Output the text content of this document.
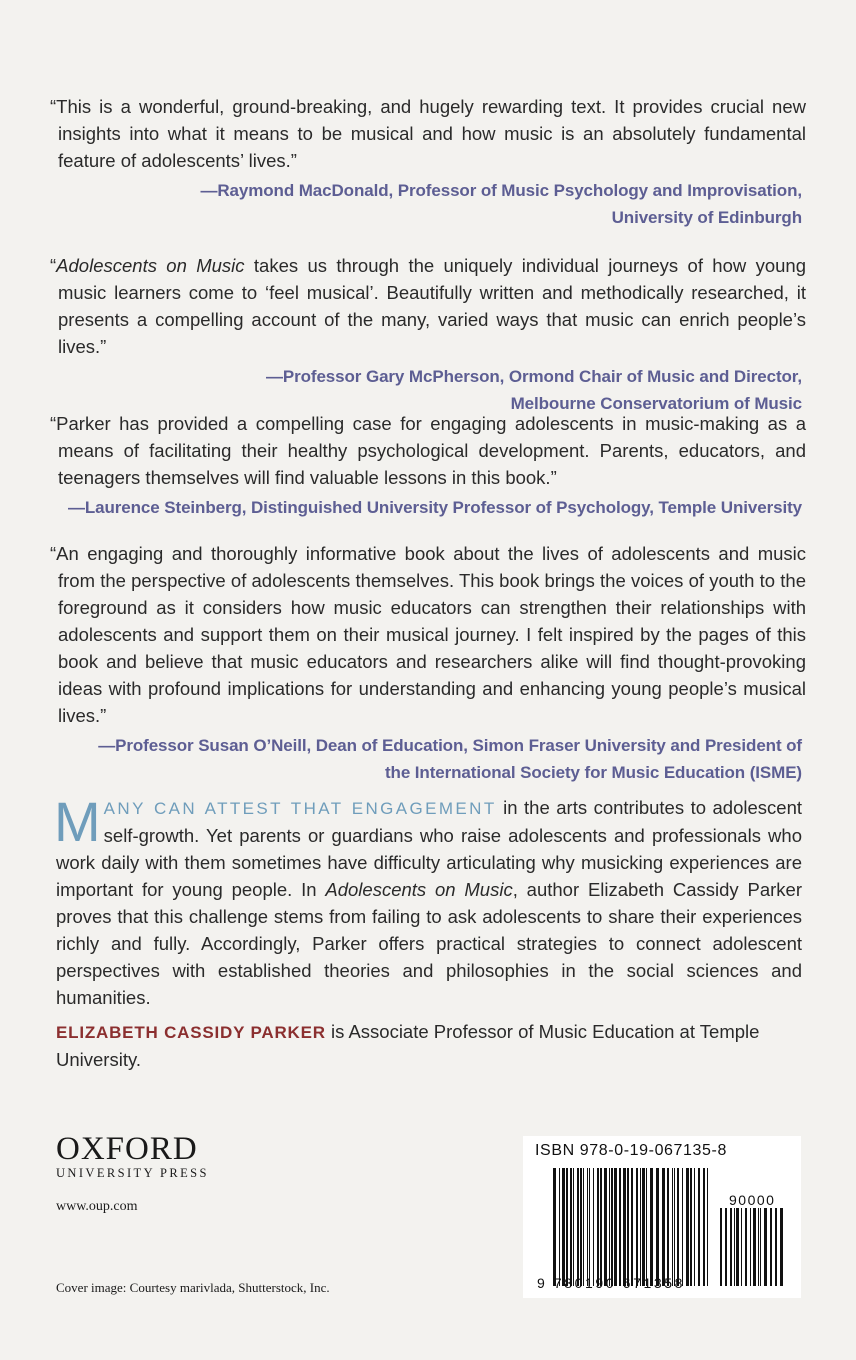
“This is a wonderful, ground-breaking, and hugely rewarding text. It provides crucial new insights into what it means to be musical and how music is an absolutely fundamental feature of adolescents’ lives.”

—Raymond MacDonald, Professor of Music Psychology and Improvisation,
University of Edinburgh

“Adolescents on Music takes us through the uniquely individual journeys of how young music learners come to ‘feel musical’. Beautifully written and methodically researched, it presents a compelling account of the many, varied ways that music can enrich people’s lives.”

—Professor Gary McPherson, Ormond Chair of Music and Director,
Melbourne Conservatorium of Music

“Parker has provided a compelling case for engaging adolescents in music-making as a means of facilitating their healthy psychological development. Parents, educators, and teenagers themselves will find valuable lessons in this book.”

—Laurence Steinberg, Distinguished University Professor of Psychology, Temple University

“An engaging and thoroughly informative book about the lives of adolescents and music from the perspective of adolescents themselves. This book brings the voices of youth to the foreground as it considers how music educators can strengthen their relationships with adolescents and support them on their musical journey. I felt inspired by the pages of this book and believe that music educators and researchers alike will find thought-provoking ideas with profound implications for understanding and enhancing young people’s musical lives.”

—Professor Susan O’Neill, Dean of Education, Simon Fraser University and President of
the International Society for Music Education (ISME)
MANY CAN ATTEST THAT ENGAGEMENT in the arts contributes to adolescent self-growth. Yet parents or guardians who raise adolescents and professionals who work daily with them sometimes have difficulty articulating why musicking experiences are important for young people. In Adolescents on Music, author Elizabeth Cassidy Parker proves that this challenge stems from failing to ask adolescents to share their experiences richly and fully. Accordingly, Parker offers practical strategies to connect adolescent perspectives with established theories and philosophies in the social sciences and humanities.
ELIZABETH CASSIDY PARKER is Associate Professor of Music Education at Temple University.
OXFORD
UNIVERSITY PRESS
www.oup.com
Cover image: Courtesy marivlada, Shutterstock, Inc.
ISBN 978-0-19-067135-8
90000
9 780190 671358
